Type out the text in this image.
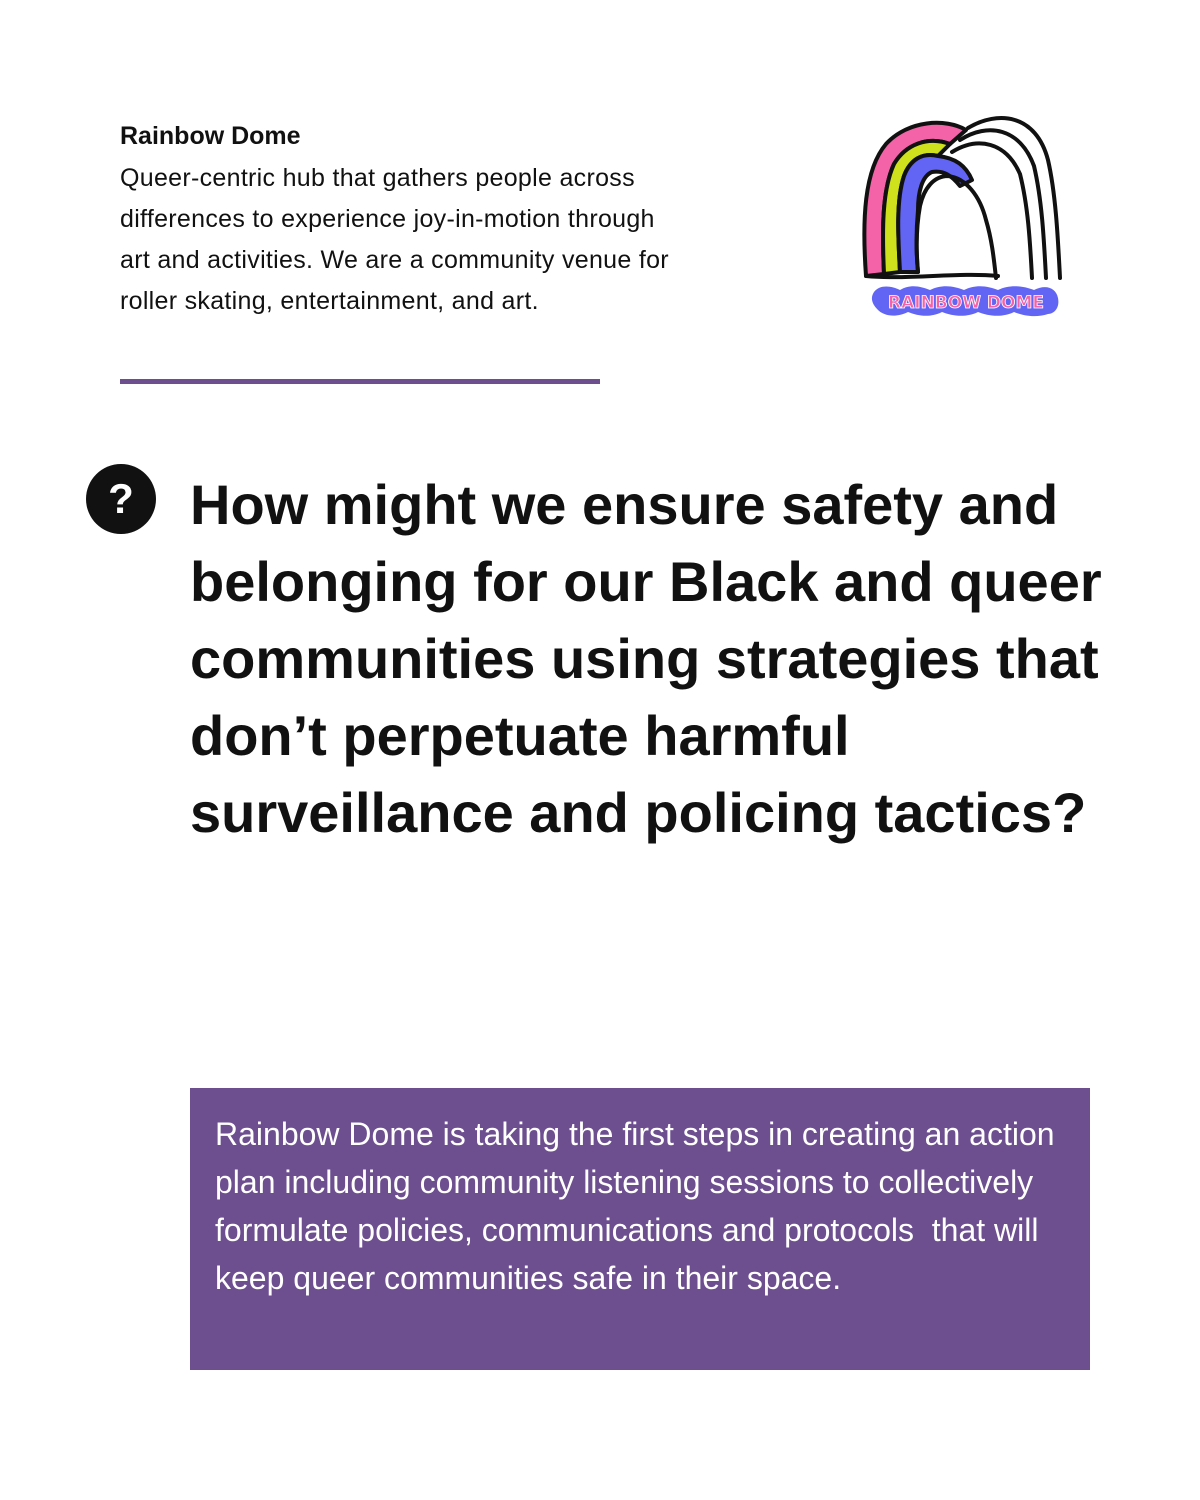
Rainbow Dome

Queer-centric hub that gathers people across differences to experience joy-in-motion through art and activities. We are a community venue for roller skating, entertainment, and art.	RAINBOW DOME
? How might we ensure safety and belonging for our Black and queer communities using strategies that don’t perpetuate harmful surveillance and policing tactics?

Rainbow Dome is taking the first steps in creating an action plan including community listening sessions to collectively formulate policies, communications and protocols  that will keep queer communities safe in their space.
